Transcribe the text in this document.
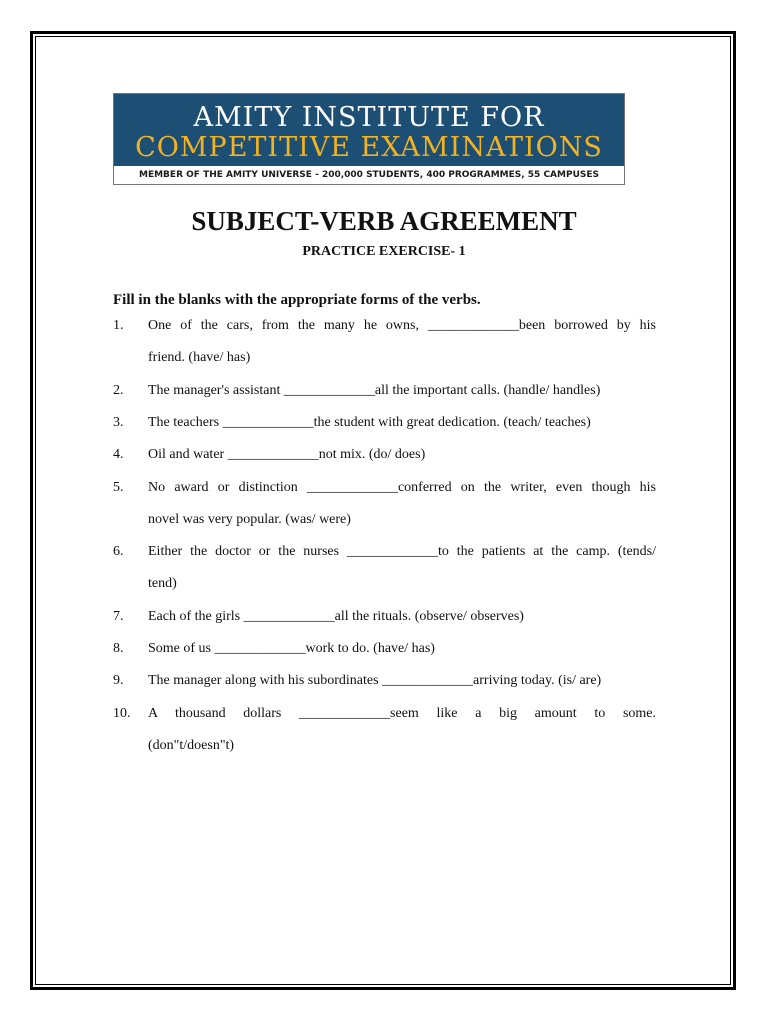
AMITY INSTITUTE FOR
COMPETITIVE EXAMINATIONS
MEMBER OF THE AMITY UNIVERSE - 200,000 STUDENTS, 400 PROGRAMMES, 55 CAMPUSES
SUBJECT-VERB AGREEMENT
PRACTICE EXERCISE- 1
Fill in the blanks with the appropriate forms of the verbs.
1. One of the cars, from the many he owns, _____________been borrowed by his
friend. (have/ has)
2. The manager's assistant _____________all the important calls. (handle/ handles)
3. The teachers _____________the student with great dedication. (teach/ teaches)
4. Oil and water _____________not mix. (do/ does)
5. No award or distinction _____________conferred on the writer, even though his
novel was very popular. (was/ were)
6. Either the doctor or the nurses _____________to the patients at the camp. (tends/
tend)
7. Each of the girls _____________all the rituals. (observe/ observes)
8. Some of us _____________work to do. (have/ has)
9. The manager along with his subordinates _____________arriving today. (is/ are)
10. A thousand dollars _____________seem like a big amount to some.
(don"t/doesn"t)
